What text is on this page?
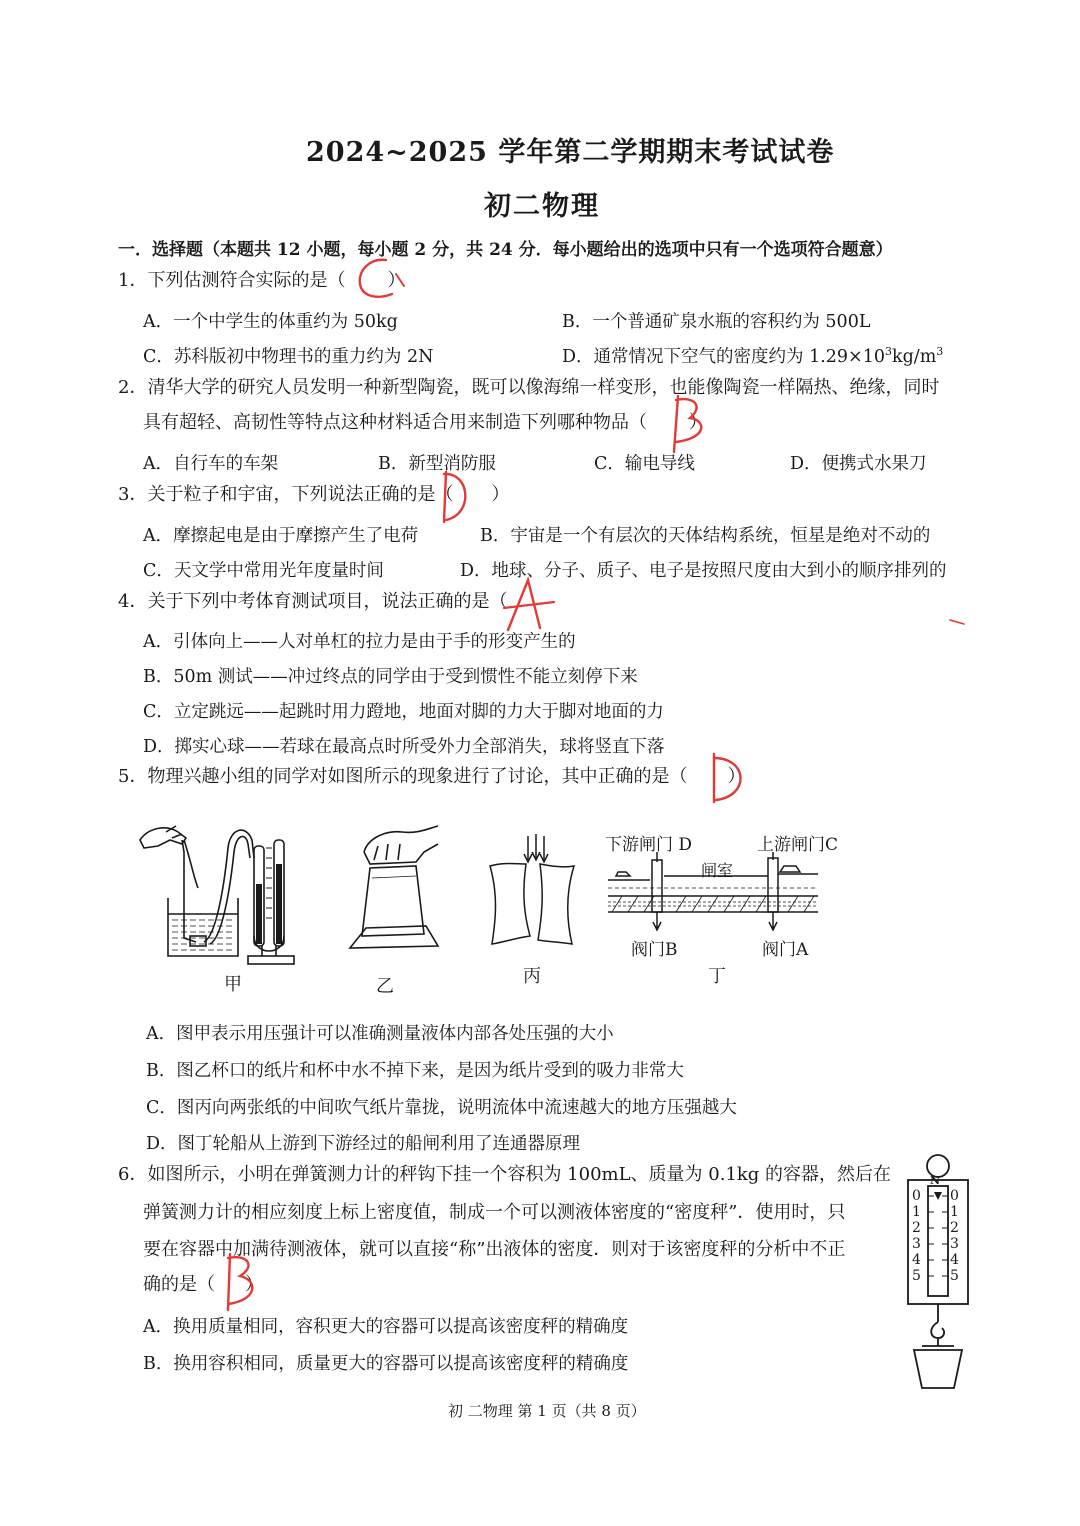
2024~2025 学年第二学期期末考试试卷
初二物理
一．选择题（本题共 12 小题，每小题 2 分，共 24 分．每小题给出的选项中只有一个选项符合题意）
1．下列估测符合实际的是（ ）
A．一个中学生的体重约为 50kg	B．一个普通矿泉水瓶的容积约为 500L
C．苏科版初中物理书的重力约为 2N	D．通常情况下空气的密度约为 $1.29\times 10^3kg/m^3$
2．清华大学的研究人员发明一种新型陶瓷，既可以像海绵一样变形，也能像陶瓷一样隔热、绝缘，同时
具有超轻、高韧性等特点这种材料适合用来制造下列哪种物品（ ）
A．自行车的车架	B．新型消防服	C．输电导线	D．便携式水果刀
3．关于粒子和宇宙，下列说法正确的是（ ）
A．摩擦起电是由于摩擦产生了电荷	B．宇宙是一个有层次的天体结构系统，恒星是绝对不动的
C．天文学中常用光年度量时间	D．地球、分子、质子、电子是按照尺度由大到小的顺序排列的
4．关于下列中考体育测试项目，说法正确的是（
A．引体向上——人对单杠的拉力是由于手的形变产生的
B．50m 测试——冲过终点的同学由于受到惯性不能立刻停下来
C．立定跳远——起跳时用力蹬地，地面对脚的力大于脚对地面的力
D．掷实心球——若球在最高点时所受外力全部消失，球将竖直下落
5．物理兴趣小组的同学对如图所示的现象进行了讨论，其中正确的是（ ）
甲	乙	丙
下游闸门 D	上游闸门C
闸室
阀门B	阀门A
丁
A．图甲表示用压强计可以准确测量液体内部各处压强的大小
B．图乙杯口的纸片和杯中水不掉下来，是因为纸片受到的吸力非常大
C．图丙向两张纸的中间吹气纸片靠拢，说明流体中流速越大的地方压强越大
D．图丁轮船从上游到下游经过的船闸利用了连通器原理
6．如图所示，小明在弹簧测力计的秤钩下挂一个容积为 100mL、质量为 0.1kg 的容器，然后在
弹簧测力计的相应刻度上标上密度值，制成一个可以测液体密度的“密度秤”．使用时，只
要在容器中加满待测液体，就可以直接“称”出液体的密度．则对于该密度秤的分析中不正
确的是（ ）
A．换用质量相同，容积更大的容器可以提高该密度秤的精确度
B．换用容积相同，质量更大的容器可以提高该密度秤的精确度
N
0
1
2
3
4
5
0
1
2
3
4
5
初 二物理 第 1 页（共 8 页）
